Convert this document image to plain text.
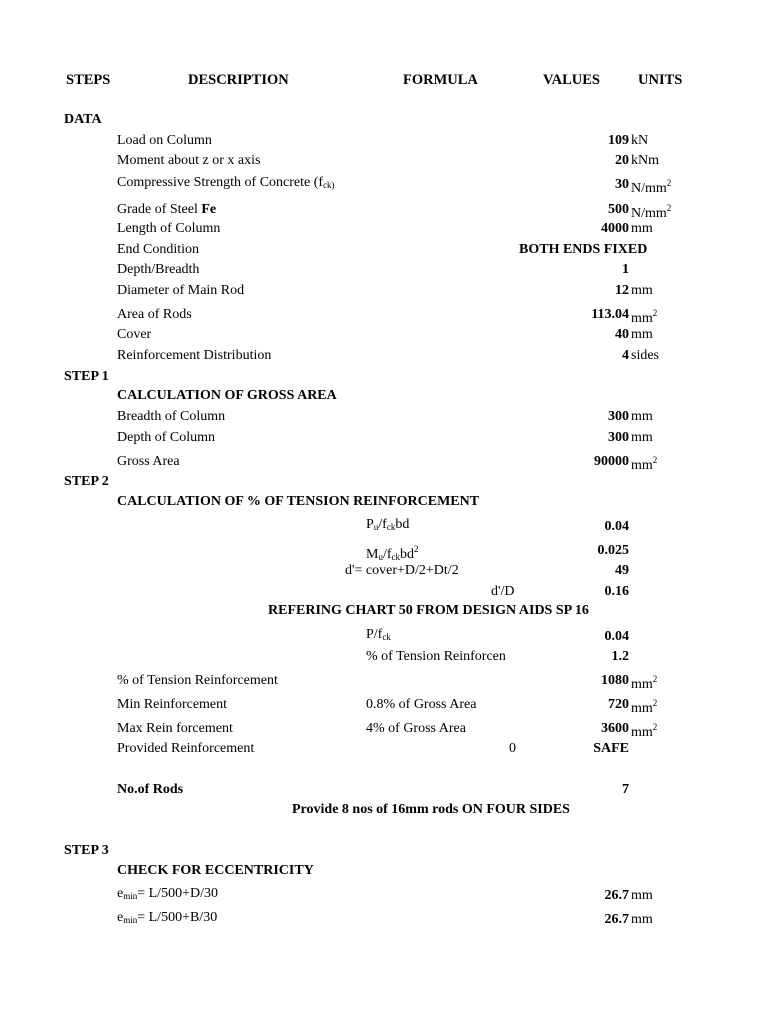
STEPS	DESCRIPTION	FORMULA	VALUES	UNITS
DATA
Load on Column	109 kN
Moment about z or x axis	20 kNm
Compressive Strength of Concrete ($f_{ck)}$	30 $N/mm^2$
Grade of Steel Fe	500 $N/mm^2$
Length of Column	4000 mm
End Condition	BOTH ENDS FIXED
Depth/Breadth	1
Diameter of Main Rod	12 mm
Area of Rods	113.04 $mm^2$
Cover	40 mm
Reinforcement Distribution	4 sides
STEP 1
CALCULATION OF GROSS AREA
Breadth of Column	300 mm
Depth of Column	300 mm
Gross Area	90000 $mm^2$
STEP 2
CALCULATION OF % OF TENSION REINFORCEMENT
$P_u/f_{ck}bd$	0.04
$M_u/f_{ck}bd^2$	0.025
d'= cover+D/2+Dt/2	49
d'/D	0.16
REFERING CHART 50 FROM DESIGN AIDS SP 16
$P/f_{ck}$	0.04
% of Tension Reinforcen	1.2
% of Tension Reinforcement	1080 $mm^2$
Min Reinforcement	0.8% of Gross Area	720 $mm^2$
Max Rein forcement	4% of Gross Area	3600 $mm^2$
Provided Reinforcement	0	SAFE
No.of Rods	7
Provide 8 nos of 16mm rods ON FOUR SIDES
STEP 3
CHECK FOR ECCENTRICITY
$e_{min}= L/500+D/30$	26.7 mm
$e_{min}= L/500+B/30$	26.7 mm
